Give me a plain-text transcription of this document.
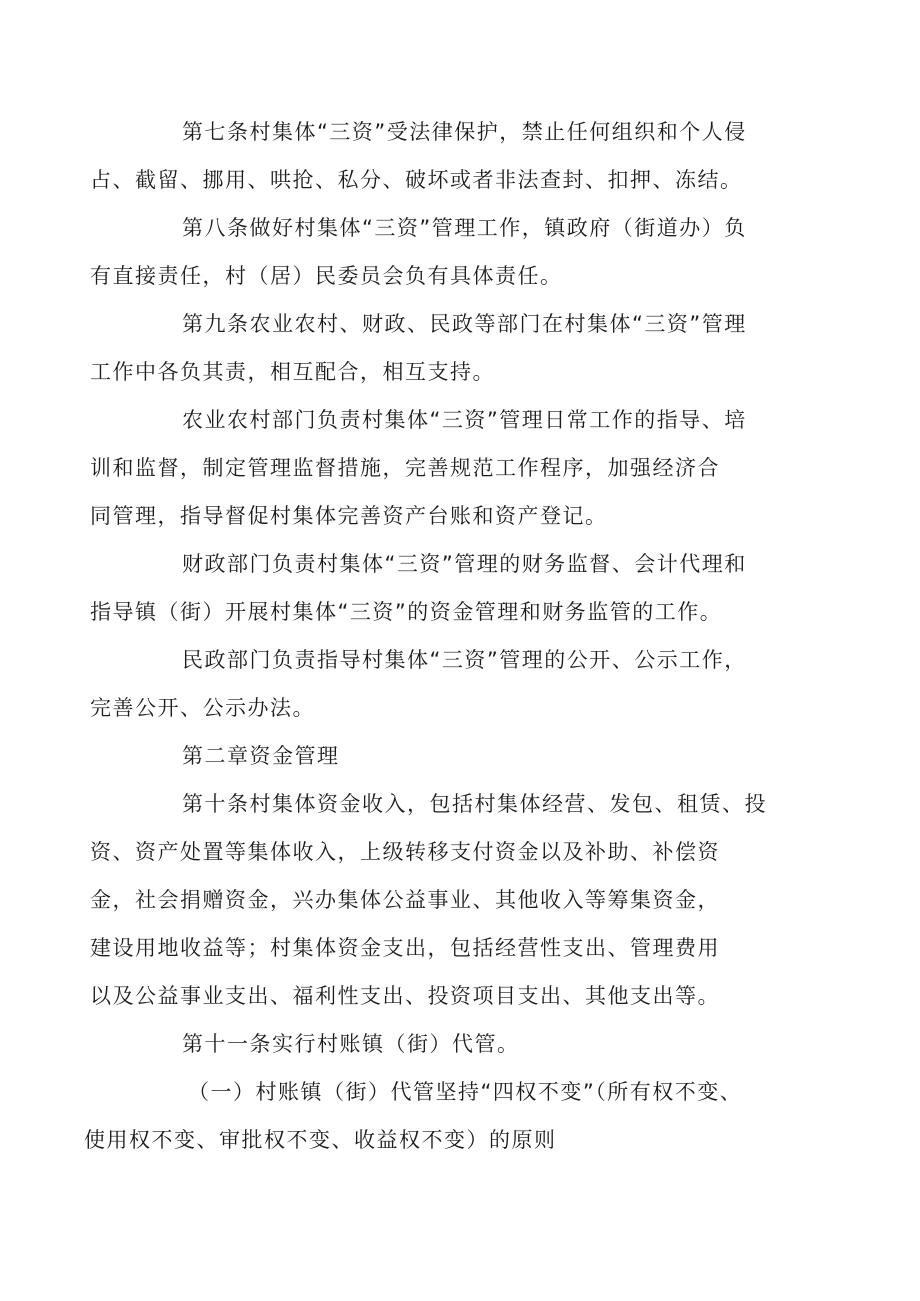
第七条村集体“三资”受法律保护，禁止任何组织和个人侵
占、截留、挪用、哄抢、私分、破坏或者非法查封、扣押、冻结。
第八条做好村集体“三资”管理工作，镇政府（街道办）负
有直接责任，村（居）民委员会负有具体责任。
第九条农业农村、财政、民政等部门在村集体“三资”管理
工作中各负其责，相互配合，相互支持。
农业农村部门负责村集体“三资”管理日常工作的指导、培
训和监督，制定管理监督措施，完善规范工作程序，加强经济合
同管理，指导督促村集体完善资产台账和资产登记。
财政部门负责村集体“三资”管理的财务监督、会计代理和
指导镇（街）开展村集体“三资”的资金管理和财务监管的工作。
民政部门负责指导村集体“三资”管理的公开、公示工作，
完善公开、公示办法。
第二章资金管理
第十条村集体资金收入，包括村集体经营、发包、租赁、投
资、资产处置等集体收入，上级转移支付资金以及补助、补偿资
金，社会捐赠资金，兴办集体公益事业、其他收入等筹集资金，
建设用地收益等；村集体资金支出，包括经营性支出、管理费用
以及公益事业支出、福利性支出、投资项目支出、其他支出等。
第十一条实行村账镇（街）代管。
（一）村账镇（街）代管坚持“四权不变”（所有权不变、
使用权不变、审批权不变、收益权不变）的原则
